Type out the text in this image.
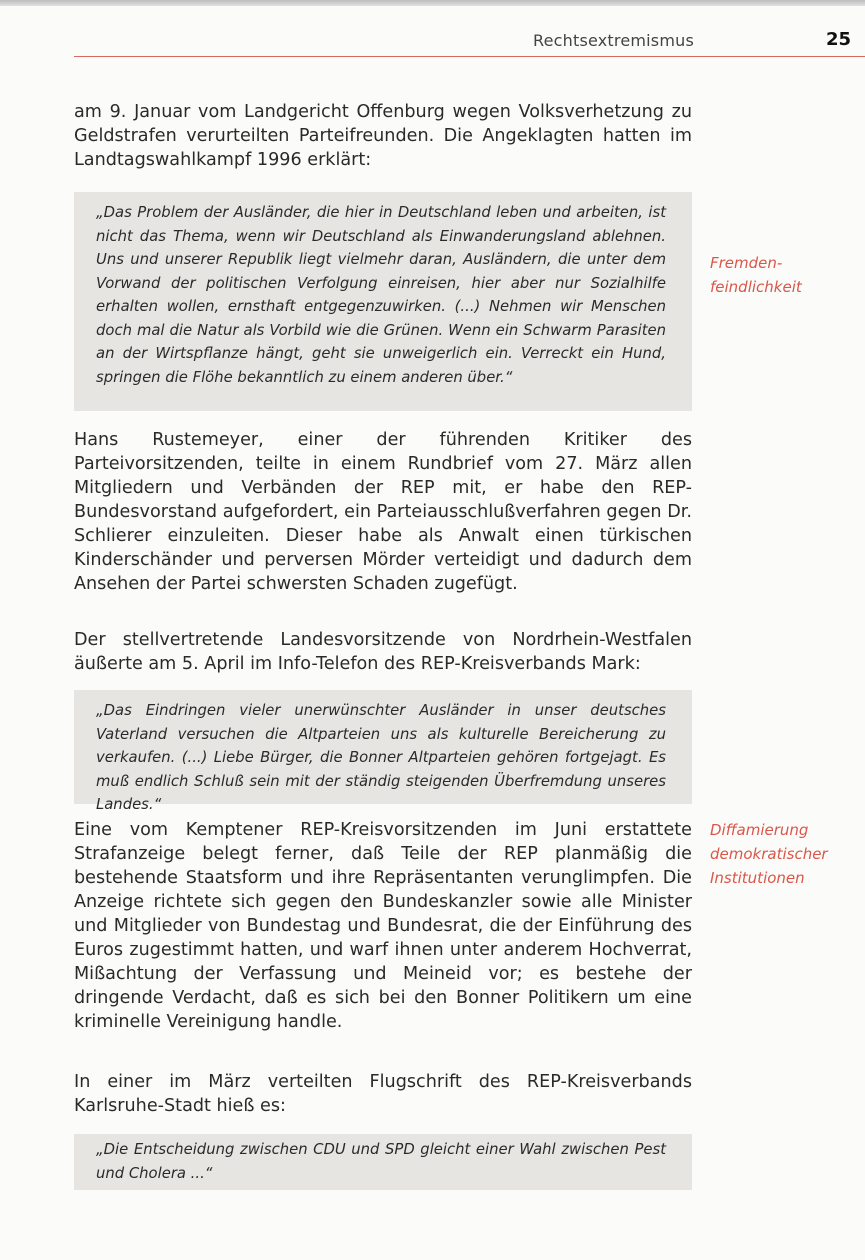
Rechtsextremismus	25

am 9. Januar vom Landgericht Offenburg wegen Volksverhetzung zu Geldstrafen verurteilten Parteifreunden. Die Angeklagten hatten im Landtagswahlkampf 1996 erklärt:

„Das Problem der Ausländer, die hier in Deutschland leben und arbeiten, ist nicht das Thema, wenn wir Deutschland als Einwanderungsland ablehnen. Uns und unserer Republik liegt vielmehr daran, Ausländern, die unter dem Vorwand der politischen Verfolgung einreisen, hier aber nur Sozialhilfe erhalten wollen, ernsthaft entgegenzuwirken. (...) Nehmen wir Menschen doch mal die Natur als Vorbild wie die Grünen. Wenn ein Schwarm Parasiten an der Wirtspflanze hängt, geht sie unweigerlich ein. Verreckt ein Hund, springen die Flöhe bekanntlich zu einem anderen über.“

Hans Rustemeyer, einer der führenden Kritiker des Parteivorsitzenden, teilte in einem Rundbrief vom 27. März allen Mitgliedern und Verbänden der REP mit, er habe den REP-Bundesvorstand aufgefordert, ein Parteiausschlußverfahren gegen Dr. Schlierer einzuleiten. Dieser habe als Anwalt einen türkischen Kinderschänder und perversen Mörder verteidigt und dadurch dem Ansehen der Partei schwersten Schaden zugefügt.

Der stellvertretende Landesvorsitzende von Nordrhein-Westfalen äußerte am 5. April im Info-Telefon des REP-Kreisverbands Mark:

„Das Eindringen vieler unerwünschter Ausländer in unser deutsches Vaterland versuchen die Altparteien uns als kulturelle Bereicherung zu verkaufen. (...) Liebe Bürger, die Bonner Altparteien gehören fortgejagt. Es muß endlich Schluß sein mit der ständig steigenden Überfremdung unseres Landes.“

Eine vom Kemptener REP-Kreisvorsitzenden im Juni erstattete Strafanzeige belegt ferner, daß Teile der REP planmäßig die bestehende Staatsform und ihre Repräsentanten verunglimpfen. Die Anzeige richtete sich gegen den Bundeskanzler sowie alle Minister und Mitglieder von Bundestag und Bundesrat, die der Einführung des Euros zugestimmt hatten, und warf ihnen unter anderem Hochverrat, Mißachtung der Verfassung und Meineid vor; es bestehe der dringende Verdacht, daß es sich bei den Bonner Politikern um eine kriminelle Vereinigung handle.

In einer im März verteilten Flugschrift des REP-Kreisverbands Karlsruhe-Stadt hieß es:

„Die Entscheidung zwischen CDU und SPD gleicht einer Wahl zwischen Pest und Cholera ...“
Fremden-
feindlichkeit
Diffamierung
demokratischer
Institutionen
